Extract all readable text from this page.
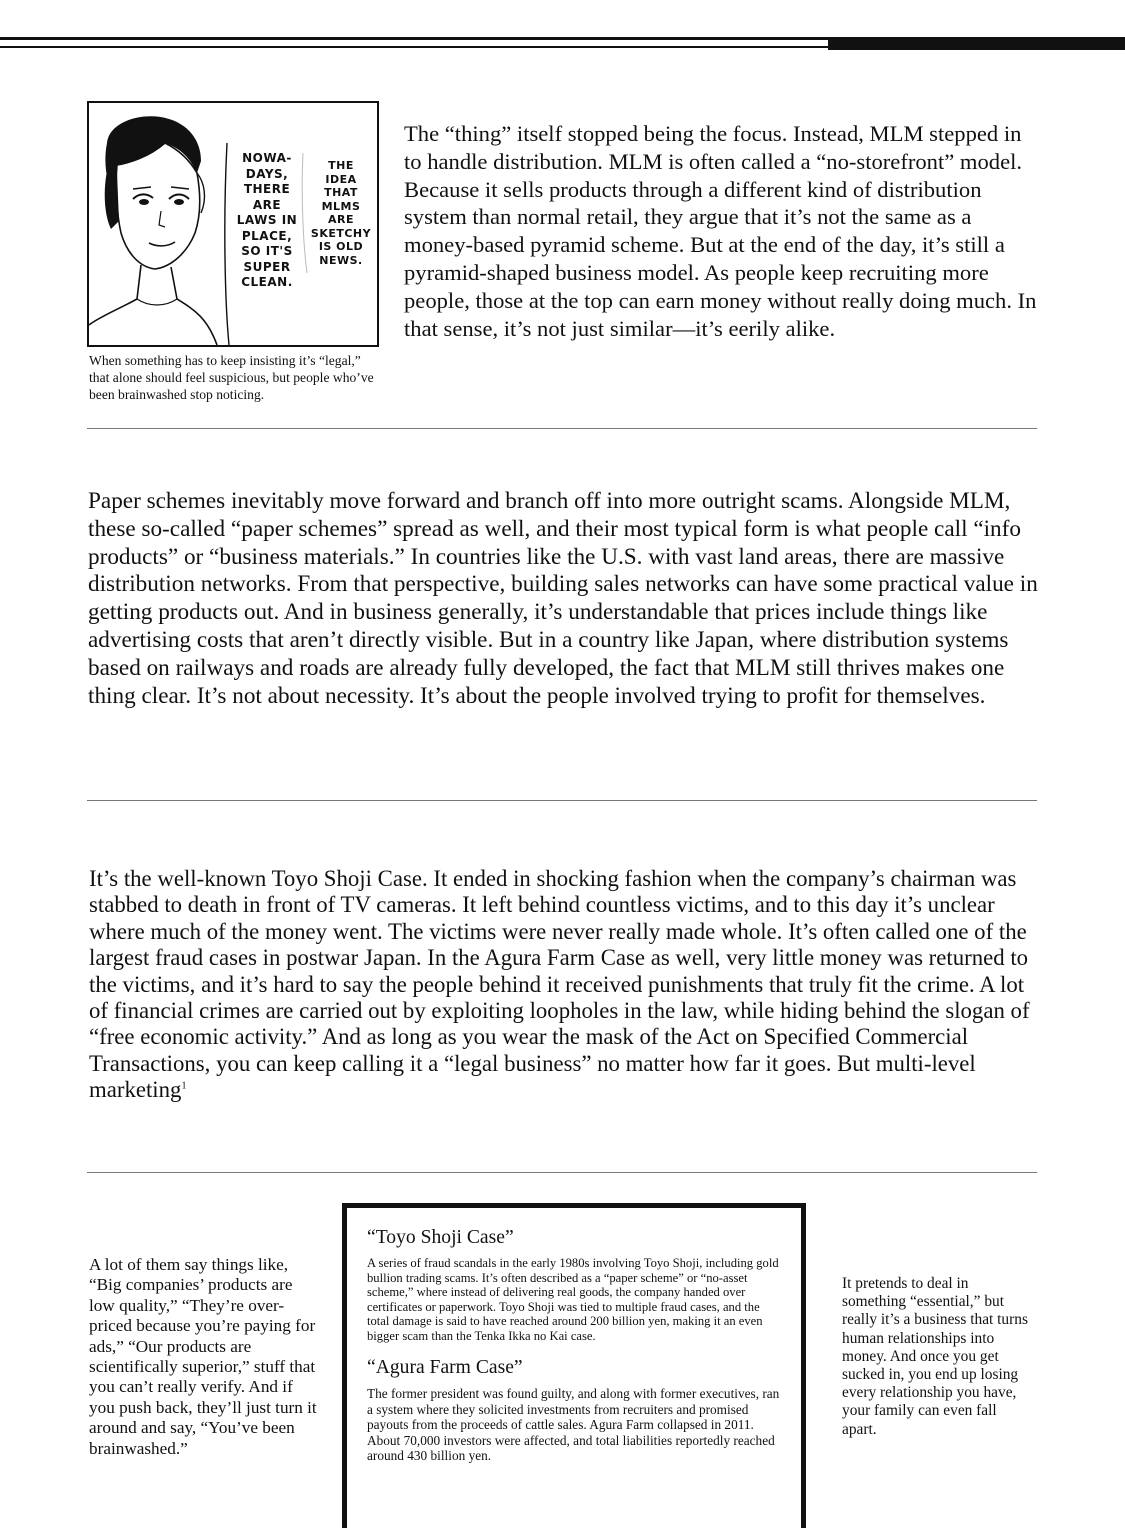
NOWA-
DAYS,
THERE
ARE
LAWS IN
PLACE,
SO IT'S
SUPER
CLEAN.
THE
IDEA
THAT
MLMS
ARE
SKETCHY
IS OLD
NEWS.
When something has to keep insisting it’s “legal,” that alone should feel suspicious, but people who’ve been brainwashed stop noticing.
The “thing” itself stopped being the focus. Instead, MLM stepped in to handle distribution. MLM is often called a “no-storefront” model. Because it sells products through a different kind of distribution system than normal retail, they argue that it’s not the same as a money-based pyramid scheme. But at the end of the day, it’s still a pyramid-shaped business model. As people keep recruiting more people, those at the top can earn money without really doing much. In that sense, it’s not just similar—it’s eerily alike.
Paper schemes inevitably move forward and branch off into more outright scams. Alongside MLM, these so-called “paper schemes” spread as well, and their most typical form is what people call “info products” or “business materials.” In countries like the U.S. with vast land areas, there are massive distribution networks. From that perspective, building sales networks can have some practical value in getting products out. And in business generally, it’s understandable that prices include things like advertising costs that aren’t directly visible. But in a country like Japan, where distribution systems based on railways and roads are already fully developed, the fact that MLM still thrives makes one thing clear. It’s not about necessity. It’s about the people involved trying to profit for themselves.
It’s the well-known Toyo Shoji Case. It ended in shocking fashion when the company’s chairman was stabbed to death in front of TV cameras. It left behind countless victims, and to this day it’s unclear where much of the money went. The victims were never really made whole. It’s often called one of the largest fraud cases in postwar Japan. In the Agura Farm Case as well, very little money was returned to the victims, and it’s hard to say the people behind it received punishments that truly fit the crime. A lot of financial crimes are carried out by exploiting loopholes in the law, while hiding behind the slogan of “free economic activity.” And as long as you wear the mask of the Act on Specified Commercial Transactions, you can keep calling it a “legal business” no matter how far it goes. But multi-level marketing$^1$
A lot of them say things like, “Big companies’ products are low quality,” “They’re over-priced because you’re paying for ads,” “Our products are scientifically superior,” stuff that you can’t really verify. And if you push back, they’ll just turn it around and say, “You’ve been brainwashed.”
“Toyo Shoji Case”

A series of fraud scandals in the early 1980s involving Toyo Shoji, including gold bullion trading scams. It’s often described as a “paper scheme” or “no-asset scheme,” where instead of delivering real goods, the company handed over certificates or paperwork. Toyo Shoji was tied to multiple fraud cases, and the total damage is said to have reached around 200 billion yen, making it an even bigger scam than the Tenka Ikka no Kai case.

“Agura Farm Case”

The former president was found guilty, and along with former executives, ran a system where they solicited investments from recruiters and promised payouts from the proceeds of cattle sales. Agura Farm collapsed in 2011. About 70,000 investors were affected, and total liabilities reportedly reached around 430 billion yen.

It pretends to deal in something “essential,” but really it’s a business that turns human relationships into money. And once you get sucked in, you end up losing every relationship you have, your family can even fall apart.
